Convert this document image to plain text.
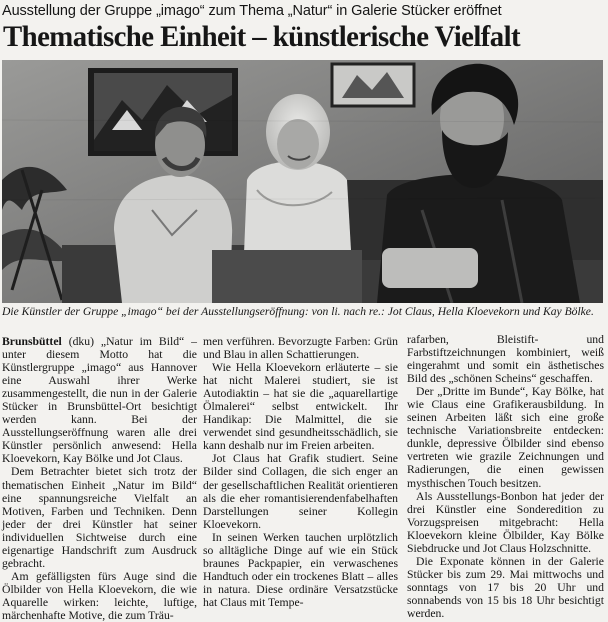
Ausstellung der Gruppe „imago“ zum Thema „Natur“ in Galerie Stücker eröffnet
Thematische Einheit – künstlerische Vielfalt
Die Künstler der Gruppe „imago“ bei der Ausstellungseröffnung: von li. nach re.: Jot Claus, Hella Kloevekorn und Kay Bölke.

Brunsbüttel (dku) „Natur im Bild“ – unter diesem Motto hat die Künstlergruppe „imago“ aus Hannover eine Auswahl ihrer Werke zusammengestellt, die nun in der Galerie Stücker in Brunsbüttel-Ort besichtigt werden kann. Bei der Ausstellungseröffnung waren alle drei Künstler persönlich anwesend: Hella Kloevekorn, Kay Bölke und Jot Claus.

Dem Betrachter bietet sich trotz der thematischen Einheit „Natur im Bild“ eine spannungsreiche Vielfalt an Motiven, Farben und Techniken. Denn jeder der drei Künstler hat seiner individuellen Sichtweise durch eine eigenartige Handschrift zum Ausdruck gebracht.

Am gefälligsten fürs Auge sind die Ölbilder von Hella Kloevekorn, die wie Aquarelle wirken: leichte, luftige, märchenhafte Motive, die zum Träu-

men verführen. Bevorzugte Farben: Grün und Blau in allen Schattierungen.

Wie Hella Kloevekorn erläuterte – sie hat nicht Malerei studiert, sie ist Autodiaktin – hat sie die „aquarellartige Ölmalerei“ selbst entwickelt. Ihr Handikap: Die Malmittel, die sie verwendet sind gesundheitsschädlich, sie kann deshalb nur im Freien arbeiten.

Jot Claus hat Grafik studiert. Seine Bilder sind Collagen, die sich enger an der gesellschaftlichen Realität orientieren als die eher romantisierendenfabelhaften Darstellungen seiner Kollegin Kloevekorn.

In seinen Werken tauchen urplötzlich so alltägliche Dinge auf wie ein Stück braunes Packpapier, ein verwaschenes Handtuch oder ein trockenes Blatt – alles in natura. Diese ordinäre Versatzstücke hat Claus mit Tempe-

rafarben, Bleistift- und Farbstiftzeichnungen kombiniert, weiß eingerahmt und somit ein ästhetisches Bild des „schönen Scheins“ geschaffen.

Der „Dritte im Bunde“, Kay Bölke, hat wie Claus eine Grafikerausbildung. In seinen Arbeiten läßt sich eine große technische Variationsbreite entdecken: dunkle, depressive Ölbilder sind ebenso vertreten wie grazile Zeichnungen und Radierungen, die einen gewissen mysthischen Touch besitzen.

Als Ausstellungs-Bonbon hat jeder der drei Künstler eine Sonderedition zu Vorzugspreisen mitgebracht: Hella Kloevekorn kleine Ölbilder, Kay Bölke Siebdrucke und Jot Claus Holzschnitte.

Die Exponate können in der Galerie Stücker bis zum 29. Mai mittwochs und sonntags von 17 bis 20 Uhr und sonnabends von 15 bis 18 Uhr besichtigt werden.
